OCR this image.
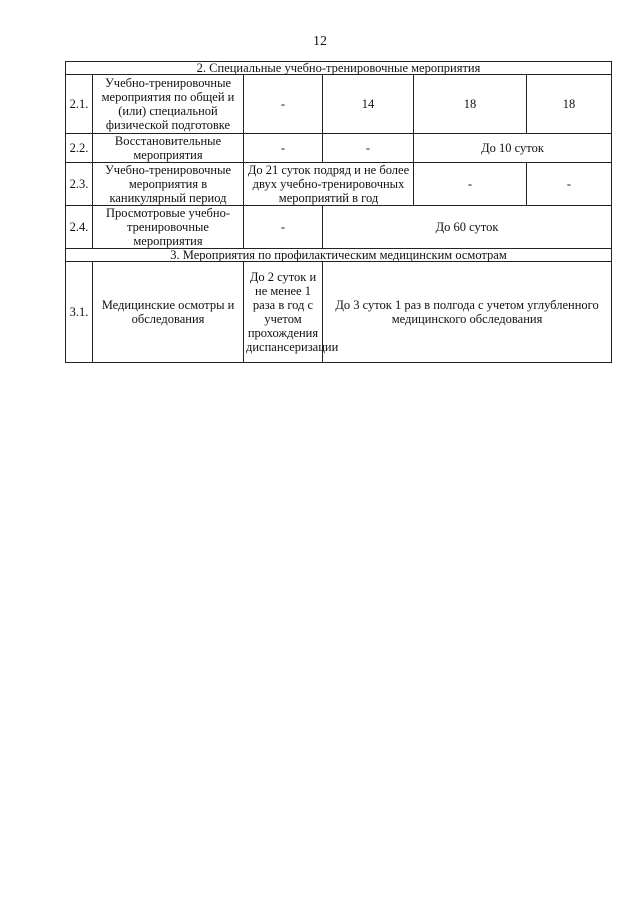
12
2. Специальные учебно-тренировочные мероприятия					
2.1.	Учебно-тренировочные мероприятия по общей и (или) специальной физической подготовке	-	14	18	18
2.2.	Восстановительные мероприятия	-	-	До 10 суток	
2.3.	Учебно-тренировочные мероприятия в каникулярный период	До 21 суток подряд и не более двух учебно-тренировочных мероприятий в год		-	-
2.4.	Просмотровые учебно-тренировочные мероприятия	-	До 60 суток		
3. Мероприятия по профилактическим медицинским осмотрам					
3.1.	Медицинские осмотры и обследования	До 2 суток и не менее 1 раза в год с учетом прохождения диспансеризации	До 3 суток 1 раз в полгода с учетом углубленного медицинского обследования		
